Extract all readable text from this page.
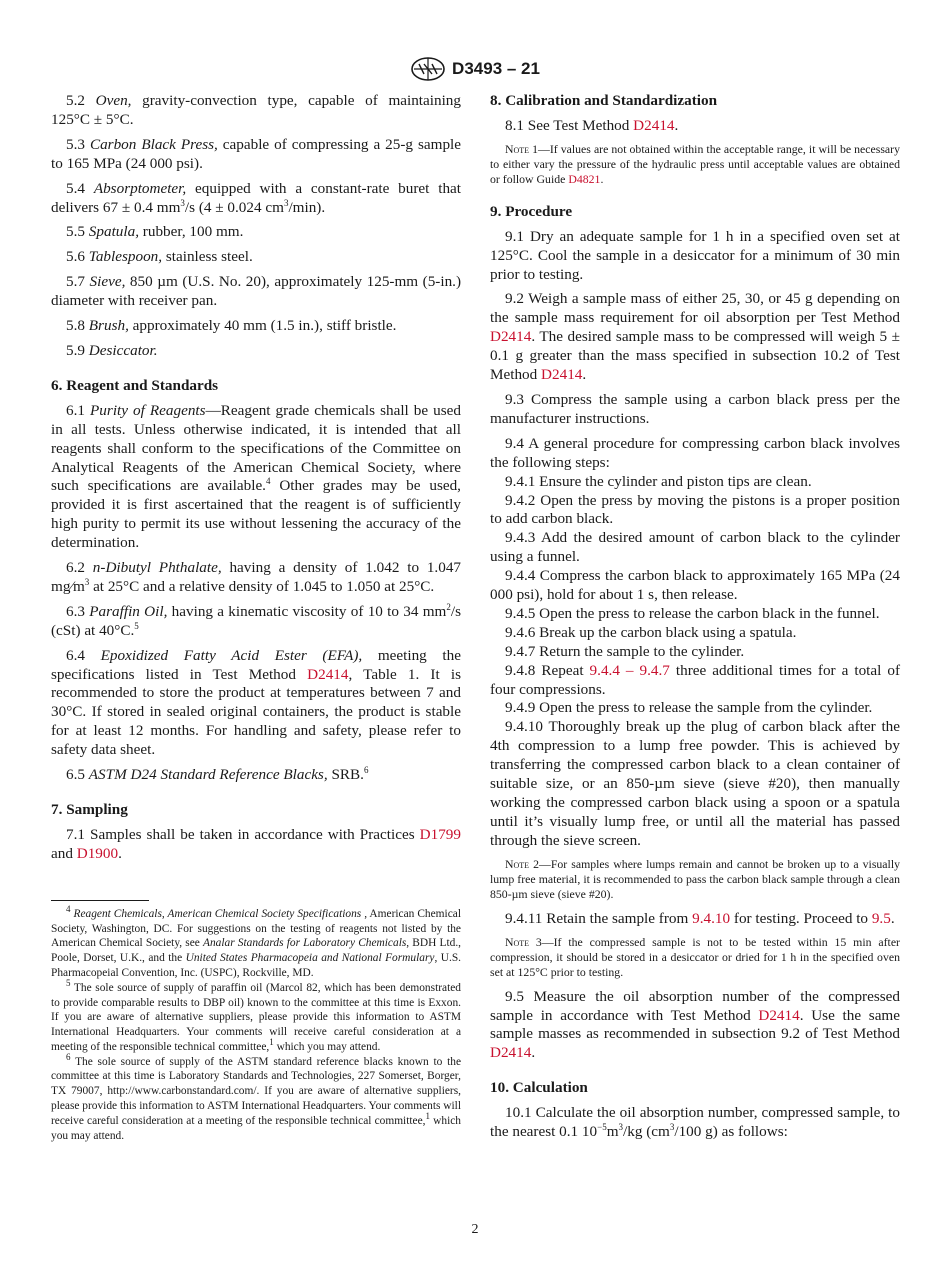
D3493 – 21

5.2 Oven, gravity-convection type, capable of maintaining 125°C ± 5°C.

5.3 Carbon Black Press, capable of compressing a 25-g sample to 165 MPa (24 000 psi).

5.4 Absorptometer, equipped with a constant-rate buret that delivers 67 ± 0.4 $mm^3/s$ (4 ± 0.024 $cm^3/\min$).

5.5 Spatula, rubber, 100 mm.

5.6 Tablespoon, stainless steel.

5.7 Sieve, 850 µm (U.S. No. 20), approximately 125-mm (5-in.) diameter with receiver pan.

5.8 Brush, approximately 40 mm (1.5 in.), stiff bristle.

5.9 Desiccator.

6. Reagent and Standards

6.1 Purity of Reagents—Reagent grade chemicals shall be used in all tests. Unless otherwise indicated, it is intended that all reagents shall conform to the specifications of the Committee on Analytical Reagents of the American Chemical Society, where such specifications are available.$^4$ Other grades may be used, provided it is first ascertained that the reagent is of sufficiently high purity to permit its use without lessening the accuracy of the determination.

6.2 n-Dibutyl Phthalate, having a density of 1.042 to 1.047 $mg⁄m^3$ at 25°C and a relative density of 1.045 to 1.050 at 25°C.

6.3 Paraffin Oil, having a kinematic viscosity of 10 to 34 $mm^2/s$ (cSt) at 40°C.$^5$

6.4 Epoxidized Fatty Acid Ester (EFA), meeting the specifications listed in Test Method D2414, Table 1. It is recommended to store the product at temperatures between 7 and 30°C. If stored in sealed original containers, the product is stable for at least 12 months. For handling and safety, please refer to safety data sheet.

6.5 ASTM D24 Standard Reference Blacks, SRB.$^6$

7. Sampling

7.1 Samples shall be taken in accordance with Practices D1799 and D1900.

$^4$ Reagent Chemicals, American Chemical Society Specifications , American Chemical Society, Washington, DC. For suggestions on the testing of reagents not listed by the American Chemical Society, see Analar Standards for Laboratory Chemicals, BDH Ltd., Poole, Dorset, U.K., and the United States Pharmacopeia and National Formulary, U.S. Pharmacopeial Convention, Inc. (USPC), Rockville, MD.

$^5$ The sole source of supply of paraffin oil (Marcol 82, which has been demonstrated to provide comparable results to DBP oil) known to the committee at this time is Exxon. If you are aware of alternative suppliers, please provide this information to ASTM International Headquarters. Your comments will receive careful consideration at a meeting of the responsible technical committee,$^1$ which you may attend.

$^6$ The sole source of supply of the ASTM standard reference blacks known to the committee at this time is Laboratory Standards and Technologies, 227 Somerset, Borger, TX 79007, http://www.carbonstandard.com/. If you are aware of alternative suppliers, please provide this information to ASTM International Headquarters. Your comments will receive careful consideration at a meeting of the responsible technical committee,$^1$ which you may attend.

8. Calibration and Standardization

8.1 See Test Method D2414.

Note 1—If values are not obtained within the acceptable range, it will be necessary to either vary the pressure of the hydraulic press until acceptable values are obtained or follow Guide D4821.

9. Procedure

9.1 Dry an adequate sample for 1 h in a specified oven set at 125°C. Cool the sample in a desiccator for a minimum of 30 min prior to testing.

9.2 Weigh a sample mass of either 25, 30, or 45 g depending on the sample mass requirement for oil absorption per Test Method D2414. The desired sample mass to be compressed will weigh 5 ± 0.1 g greater than the mass specified in subsection 10.2 of Test Method D2414.

9.3 Compress the sample using a carbon black press per the manufacturer instructions.

9.4 A general procedure for compressing carbon black involves the following steps:

9.4.1 Ensure the cylinder and piston tips are clean.

9.4.2 Open the press by moving the pistons is a proper position to add carbon black.

9.4.3 Add the desired amount of carbon black to the cylinder using a funnel.

9.4.4 Compress the carbon black to approximately 165 MPa (24 000 psi), hold for about 1 s, then release.

9.4.5 Open the press to release the carbon black in the funnel.

9.4.6 Break up the carbon black using a spatula.

9.4.7 Return the sample to the cylinder.

9.4.8 Repeat 9.4.4 – 9.4.7 three additional times for a total of four compressions.

9.4.9 Open the press to release the sample from the cylinder.

9.4.10 Thoroughly break up the plug of carbon black after the 4th compression to a lump free powder. This is achieved by transferring the compressed carbon black to a clean container of suitable size, or an 850-µm sieve (sieve #20), then manually working the compressed carbon black using a spoon or a spatula until it’s visually lump free, or until all the material has passed through the sieve screen.

Note 2—For samples where lumps remain and cannot be broken up to a visually lump free material, it is recommended to pass the carbon black sample through a clean 850-µm sieve (sieve #20).

9.4.11 Retain the sample from 9.4.10 for testing. Proceed to 9.5.

Note 3—If the compressed sample is not to be tested within 15 min after compression, it should be stored in a desiccator or dried for 1 h in the specified oven set at 125°C prior to testing.

9.5 Measure the oil absorption number of the compressed sample in accordance with Test Method D2414. Use the same sample masses as recommended in subsection 9.2 of Test Method D2414.

10. Calculation

10.1 Calculate the oil absorption number, compressed sample, to the nearest 0.1 $10^{-5}m^3/kg$ ($cm^3/100$ g) as follows:

2
